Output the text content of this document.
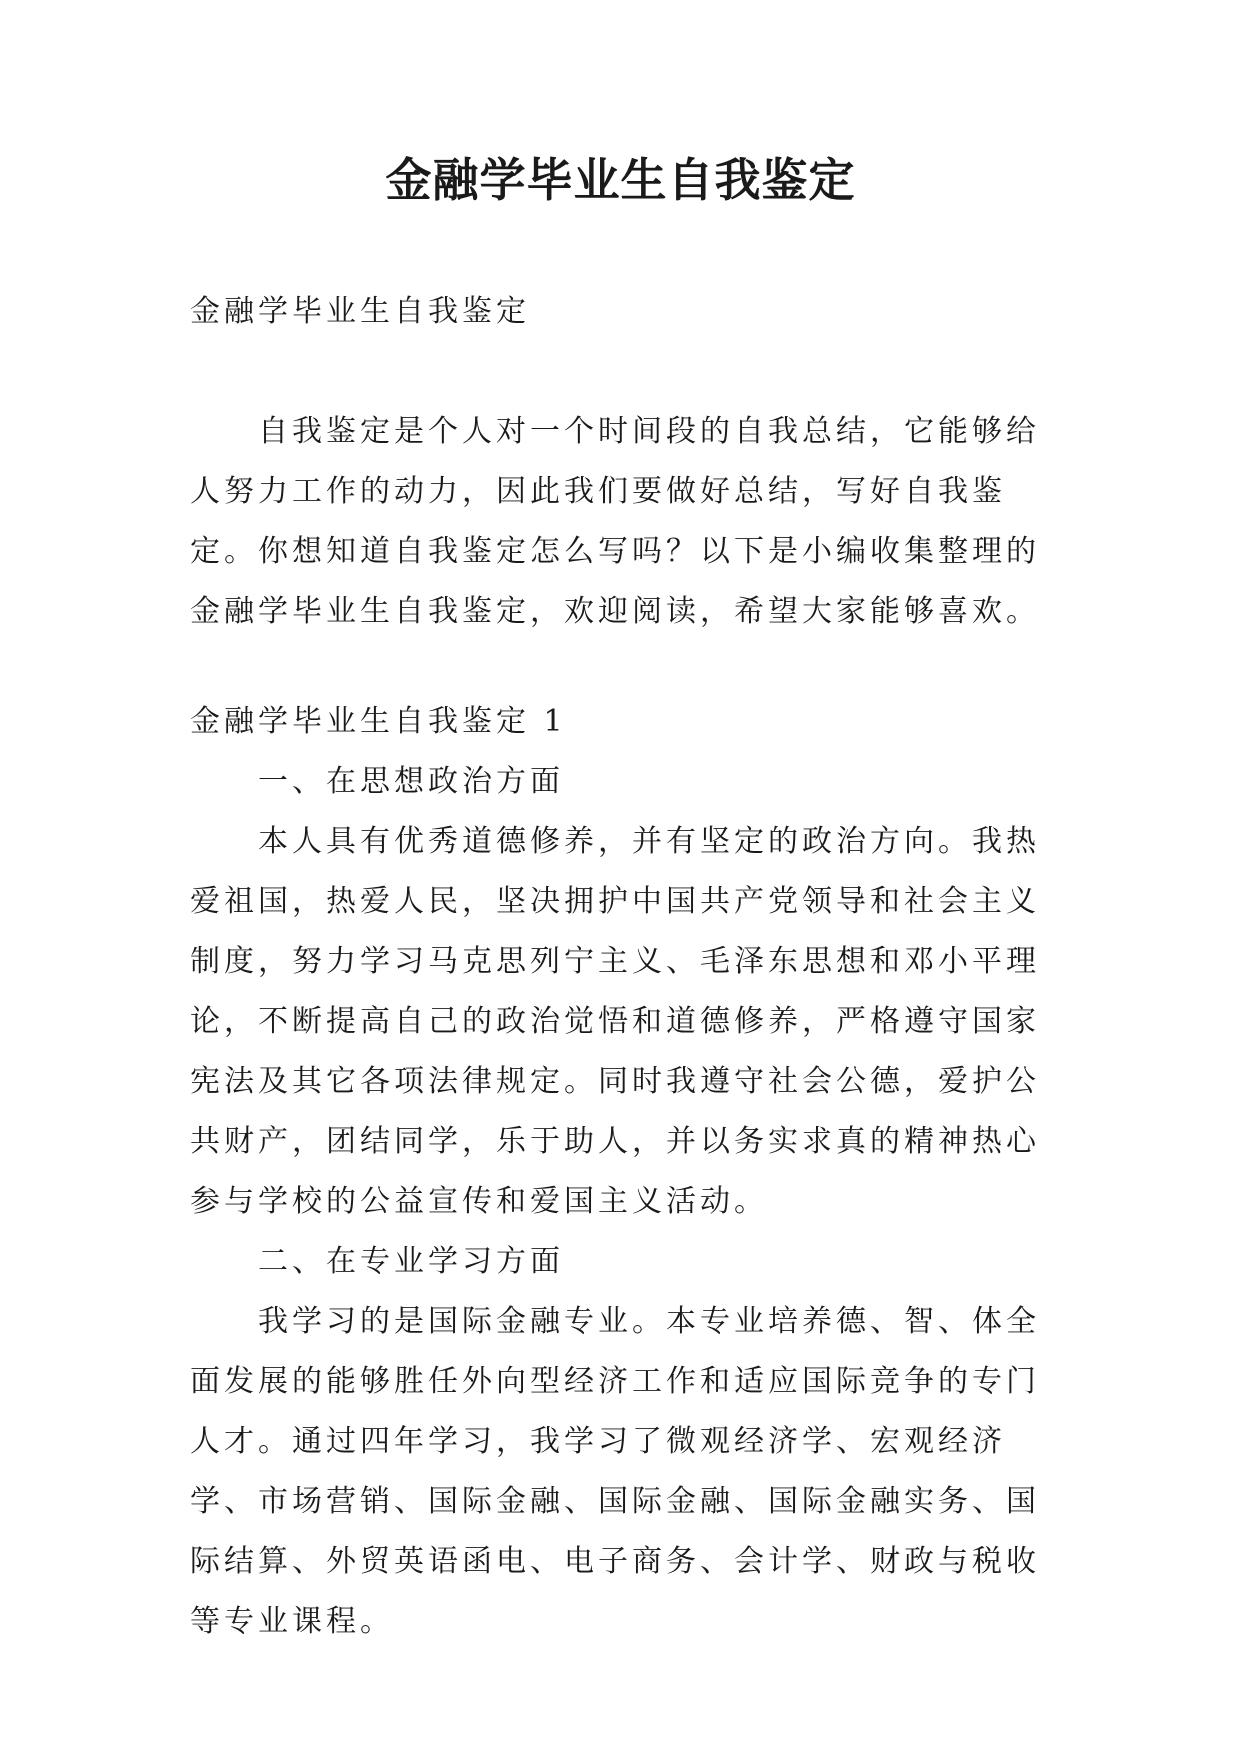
金融学毕业生自我鉴定

金融学毕业生自我鉴定

自我鉴定是个人对一个时间段的自我总结，它能够给人努力工作的动力，因此我们要做好总结，写好自我鉴定。你想知道自我鉴定怎么写吗？以下是小编收集整理的金融学毕业生自我鉴定，欢迎阅读，希望大家能够喜欢。

金融学毕业生自我鉴定 1

一、在思想政治方面

本人具有优秀道德修养，并有坚定的政治方向。我热爱祖国，热爱人民，坚决拥护中国共产党领导和社会主义制度，努力学习马克思列宁主义、毛泽东思想和邓小平理论，不断提高自己的政治觉悟和道德修养，严格遵守国家宪法及其它各项法律规定。同时我遵守社会公德，爱护公共财产，团结同学，乐于助人，并以务实求真的精神热心参与学校的公益宣传和爱国主义活动。

二、在专业学习方面

我学习的是国际金融专业。本专业培养德、智、体全面发展的能够胜任外向型经济工作和适应国际竞争的专门人才。通过四年学习，我学习了微观经济学、宏观经济学、市场营销、国际金融、国际金融、国际金融实务、国际结算、外贸英语函电、电子商务、会计学、财政与税收等专业课程。
